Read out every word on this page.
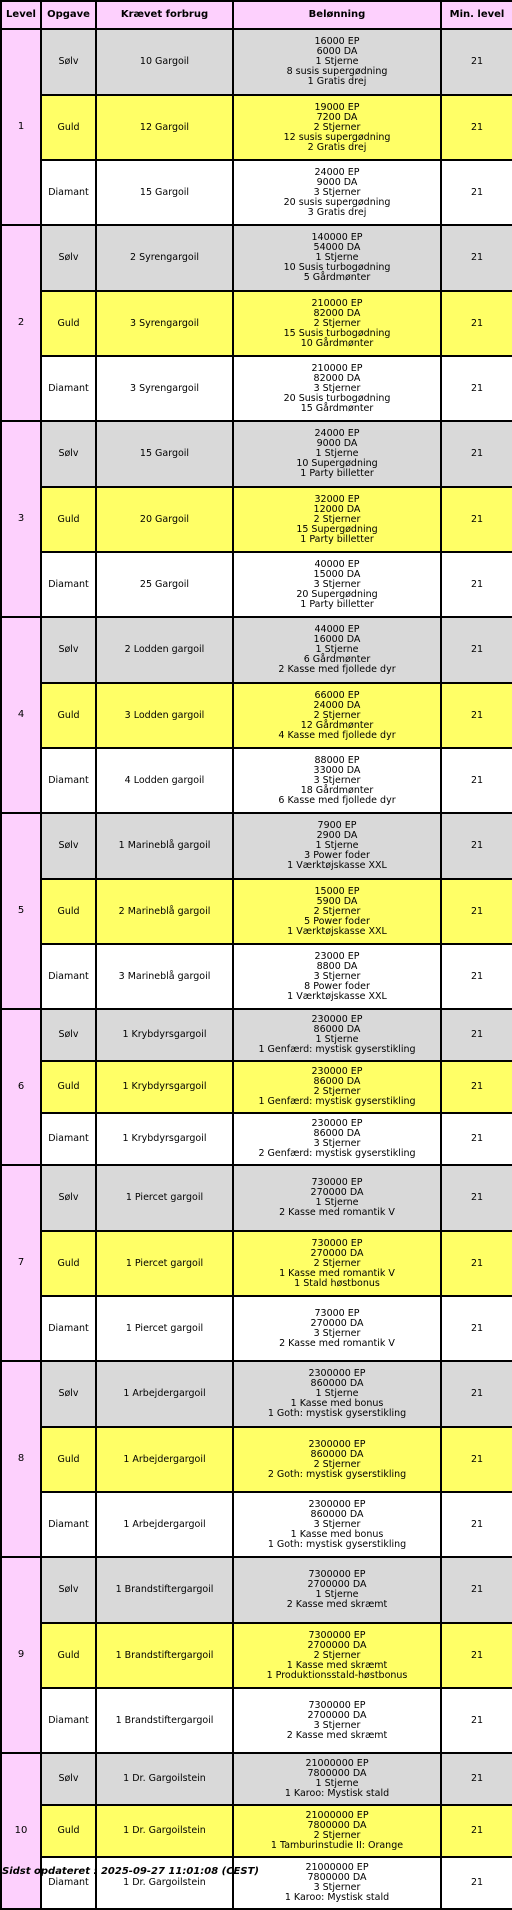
Level	Opgave	Krævet forbrug	Belønning	Min. level
1	Sølv	10 Gargoil	16000 EP
6000 DA
1 Stjerne
8 susis supergødning
1 Gratis drej	21
	Guld	12 Gargoil	19000 EP
7200 DA
2 Stjerner
12 susis supergødning
2 Gratis drej	21
	Diamant	15 Gargoil	24000 EP
9000 DA
3 Stjerner
20 susis supergødning
3 Gratis drej	21
2	Sølv	2 Syrengargoil	140000 EP
54000 DA
1 Stjerne
10 Susis turbogødning
5 Gårdmønter	21
	Guld	3 Syrengargoil	210000 EP
82000 DA
2 Stjerner
15 Susis turbogødning
10 Gårdmønter	21
	Diamant	3 Syrengargoil	210000 EP
82000 DA
3 Stjerner
20 Susis turbogødning
15 Gårdmønter	21
3	Sølv	15 Gargoil	24000 EP
9000 DA
1 Stjerne
10 Supergødning
1 Party billetter	21
	Guld	20 Gargoil	32000 EP
12000 DA
2 Stjerner
15 Supergødning
1 Party billetter	21
	Diamant	25 Gargoil	40000 EP
15000 DA
3 Stjerner
20 Supergødning
1 Party billetter	21
4	Sølv	2 Lodden gargoil	44000 EP
16000 DA
1 Stjerne
6 Gårdmønter
2 Kasse med fjollede dyr	21
	Guld	3 Lodden gargoil	66000 EP
24000 DA
2 Stjerner
12 Gårdmønter
4 Kasse med fjollede dyr	21
	Diamant	4 Lodden gargoil	88000 EP
33000 DA
3 Stjerner
18 Gårdmønter
6 Kasse med fjollede dyr	21
5	Sølv	1 Marineblå gargoil	7900 EP
2900 DA
1 Stjerne
3 Power foder
1 Værktøjskasse XXL	21
	Guld	2 Marineblå gargoil	15000 EP
5900 DA
2 Stjerner
5 Power foder
1 Værktøjskasse XXL	21
	Diamant	3 Marineblå gargoil	23000 EP
8800 DA
3 Stjerner
8 Power foder
1 Værktøjskasse XXL	21
6	Sølv	1 Krybdyrsgargoil	230000 EP
86000 DA
1 Stjerne
1 Genfærd: mystisk gyserstikling	21
	Guld	1 Krybdyrsgargoil	230000 EP
86000 DA
2 Stjerner
1 Genfærd: mystisk gyserstikling	21
	Diamant	1 Krybdyrsgargoil	230000 EP
86000 DA
3 Stjerner
2 Genfærd: mystisk gyserstikling	21
7	Sølv	1 Piercet gargoil	730000 EP
270000 DA
1 Stjerne
2 Kasse med romantik V	21
	Guld	1 Piercet gargoil	730000 EP
270000 DA
2 Stjerner
1 Kasse med romantik V
1 Stald høstbonus	21
	Diamant	1 Piercet gargoil	73000 EP
270000 DA
3 Stjerner
2 Kasse med romantik V	21
8	Sølv	1 Arbejdergargoil	2300000 EP
860000 DA
1 Stjerne
1 Kasse med bonus
1 Goth: mystisk gyserstikling	21
	Guld	1 Arbejdergargoil	2300000 EP
860000 DA
2 Stjerner
2 Goth: mystisk gyserstikling	21
	Diamant	1 Arbejdergargoil	2300000 EP
860000 DA
3 Stjerner
1 Kasse med bonus
1 Goth: mystisk gyserstikling	21
9	Sølv	1 Brandstiftergargoil	7300000 EP
2700000 DA
1 Stjerne
2 Kasse med skræmt	21
	Guld	1 Brandstiftergargoil	7300000 EP
2700000 DA
2 Stjerner
1 Kasse med skræmt
1 Produktionsstald-høstbonus	21
	Diamant	1 Brandstiftergargoil	7300000 EP
2700000 DA
3 Stjerner
2 Kasse med skræmt	21
10	Sølv	1 Dr. Gargoilstein	21000000 EP
7800000 DA
1 Stjerne
1 Karoo: Mystisk stald	21
	Guld	1 Dr. Gargoilstein	21000000 EP
7800000 DA
2 Stjerner
1 Tamburinstudie II: Orange	21
	Diamant	1 Dr. Gargoilstein	21000000 EP
7800000 DA
3 Stjerner
1 Karoo: Mystisk stald	21
Sidst opdateret : 2025-09-27 11:01:08 (CEST)
